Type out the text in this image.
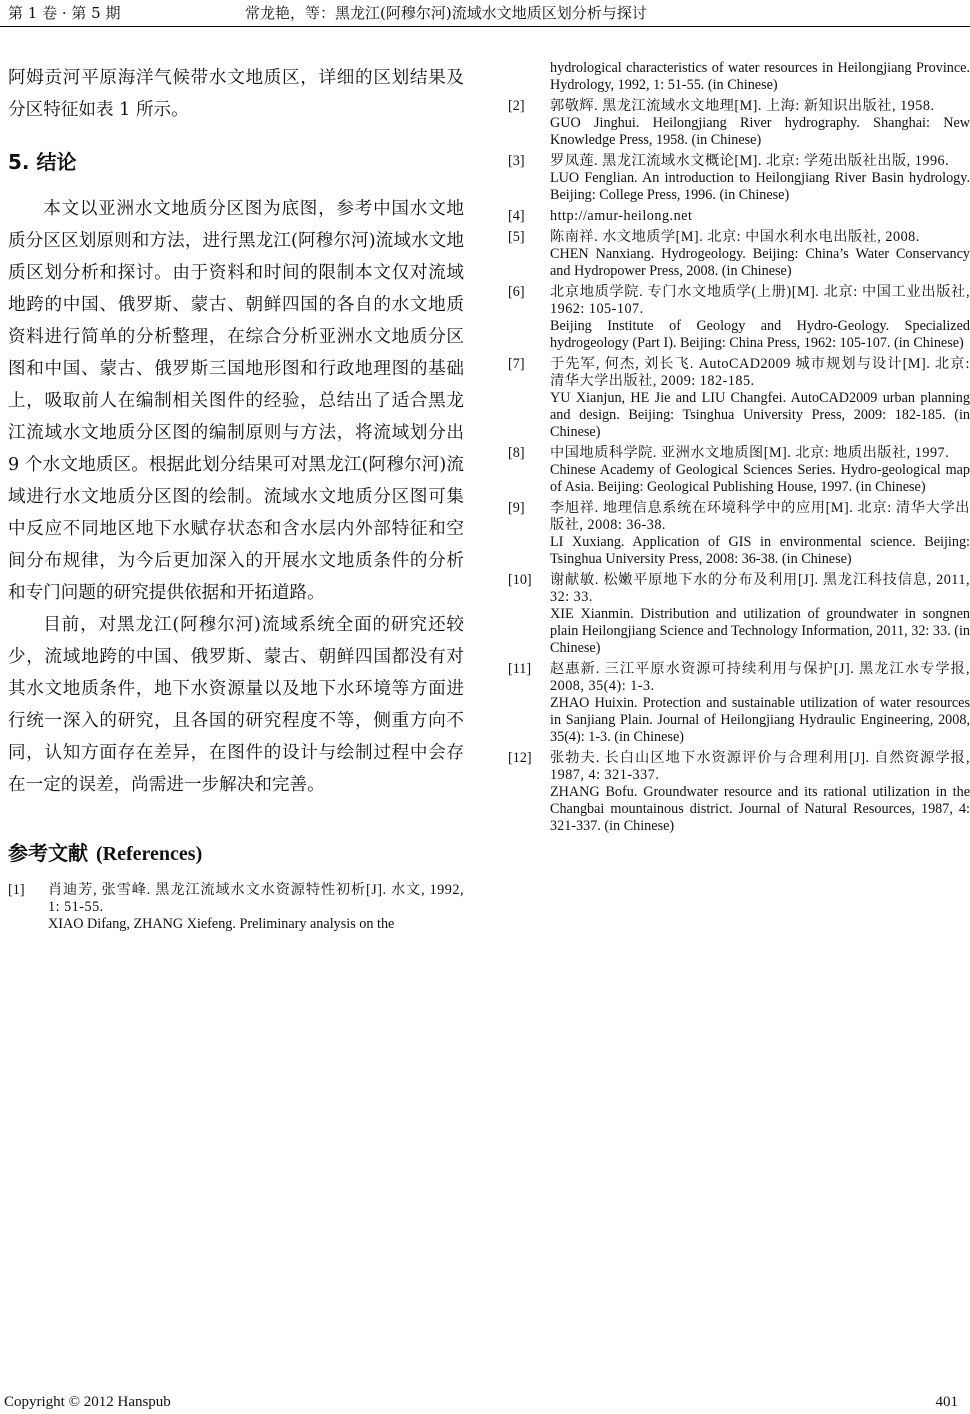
第 1 卷 · 第 5 期	常龙艳，等：黑龙江(阿穆尔河)流域水文地质区划分析与探讨

阿姆贡河平原海洋气候带水文地质区，详细的区划结果及分区特征如表 1 所示。

5. 结论

本文以亚洲水文地质分区图为底图，参考中国水文地质分区区划原则和方法，进行黑龙江(阿穆尔河)流域水文地质区划分析和探讨。由于资料和时间的限制本文仅对流域地跨的中国、俄罗斯、蒙古、朝鲜四国的各自的水文地质资料进行简单的分析整理，在综合分析亚洲水文地质分区图和中国、蒙古、俄罗斯三国地形图和行政地理图的基础上，吸取前人在编制相关图件的经验，总结出了适合黑龙江流域水文地质分区图的编制原则与方法，将流域划分出 9 个水文地质区。根据此划分结果可对黑龙江(阿穆尔河)流域进行水文地质分区图的绘制。流域水文地质分区图可集中反应不同地区地下水赋存状态和含水层内外部特征和空间分布规律，为今后更加深入的开展水文地质条件的分析和专门问题的研究提供依据和开拓道路。

目前，对黑龙江(阿穆尔河)流域系统全面的研究还较少，流域地跨的中国、俄罗斯、蒙古、朝鲜四国都没有对其水文地质条件，地下水资源量以及地下水环境等方面进行统一深入的研究，且各国的研究程度不等，侧重方向不同，认知方面存在差异，在图件的设计与绘制过程中会存在一定的误差，尚需进一步解决和完善。

参考文献 (References)
[1] 肖迪芳, 张雪峰. 黑龙江流域水文水资源特性初析[J]. 水文, 1992, 1: 51-55.
XIAO Difang, ZHANG Xiefeng. Preliminary analysis on the
hydrological characteristics of water resources in Heilongjiang Province. Hydrology, 1992, 1: 51-55. (in Chinese)
[2] 郭敬辉. 黑龙江流域水文地理[M]. 上海: 新知识出版社, 1958.
GUO Jinghui. Heilongjiang River hydrography. Shanghai: New Knowledge Press, 1958. (in Chinese)
[3] 罗凤莲. 黑龙江流域水文概论[M]. 北京: 学苑出版社出版, 1996.
LUO Fenglian. An introduction to Heilongjiang River Basin hydrology. Beijing: College Press, 1996. (in Chinese)
[4] http://amur-heilong.net
[5] 陈南祥. 水文地质学[M]. 北京: 中国水利水电出版社, 2008.
CHEN Nanxiang. Hydrogeology. Beijing: China’s Water Conservancy and Hydropower Press, 2008. (in Chinese)
[6] 北京地质学院. 专门水文地质学(上册)[M]. 北京: 中国工业出版社, 1962: 105-107.
Beijing Institute of Geology and Hydro-Geology. Specialized hydrogeology (Part I). Beijing: China Press, 1962: 105-107. (in Chinese)
[7] 于先军, 何杰, 刘长飞. AutoCAD2009 城市规划与设计[M]. 北京: 清华大学出版社, 2009: 182-185.
YU Xianjun, HE Jie and LIU Changfei. AutoCAD2009 urban planning and design. Beijing: Tsinghua University Press, 2009: 182-185. (in Chinese)
[8] 中国地质科学院. 亚洲水文地质图[M]. 北京: 地质出版社, 1997.
Chinese Academy of Geological Sciences Series. Hydro-geological map of Asia. Beijing: Geological Publishing House, 1997. (in Chinese)
[9] 李旭祥. 地理信息系统在环境科学中的应用[M]. 北京: 清华大学出版社, 2008: 36-38.
LI Xuxiang. Application of GIS in environmental science. Beijing: Tsinghua University Press, 2008: 36-38. (in Chinese)
[10] 谢献敏. 松嫩平原地下水的分布及利用[J]. 黑龙江科技信息, 2011, 32: 33.
XIE Xianmin. Distribution and utilization of groundwater in songnen plain Heilongjiang Science and Technology Information, 2011, 32: 33. (in Chinese)
[11] 赵惠新. 三江平原水资源可持续利用与保护[J]. 黑龙江水专学报, 2008, 35(4): 1-3.
ZHAO Huixin. Protection and sustainable utilization of water resources in Sanjiang Plain. Journal of Heilongjiang Hydraulic Engineering, 2008, 35(4): 1-3. (in Chinese)
[12] 张勃夫. 长白山区地下水资源评价与合理利用[J]. 自然资源学报, 1987, 4: 321-337.
ZHANG Bofu. Groundwater resource and its rational utilization in the Changbai mountainous district. Journal of Natural Resources, 1987, 4: 321-337. (in Chinese)
Copyright © 2012 Hanspub	401
